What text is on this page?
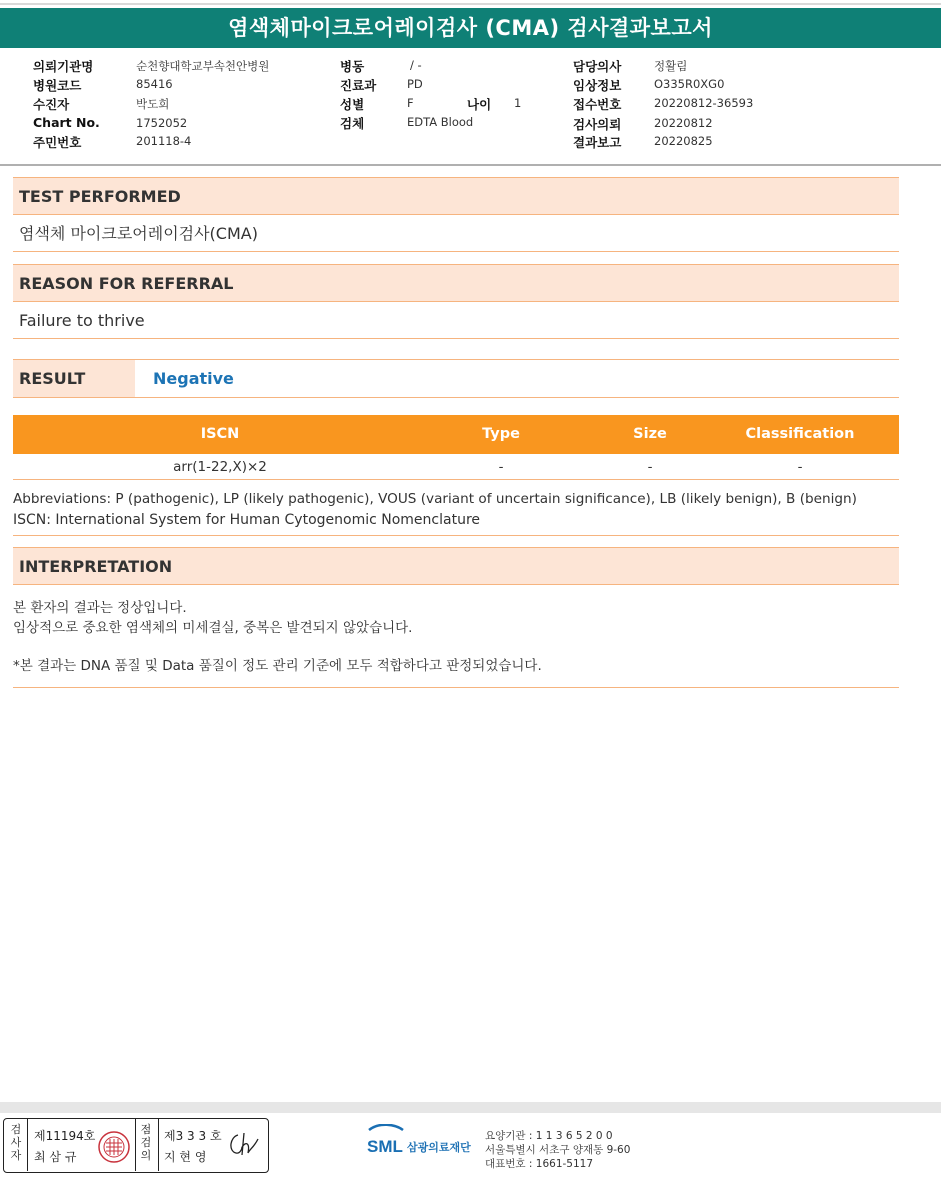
염색체마이크로어레이검사 (CMA) 검사결과보고서
의뢰기관명	순천향대학교부속천안병원
병원코드	85416
수진자	박도희
Chart No.	1752052
주민번호	201118-4
병동	/ -
진료과	PD
성별	F	나이 1
검체	EDTA Blood
담당의사	정활림
임상정보	O335R0XG0
접수번호	20220812-36593
검사의뢰	20220812
결과보고	20220825
TEST PERFORMED
염색체 마이크로어레이검사(CMA)
REASON FOR REFERRAL
Failure to thrive
RESULT	Negative
ISCN	Type	Size	Classification
arr(1-22,X)×2	-	-	-
Abbreviations: P (pathogenic), LP (likely pathogenic), VOUS (variant of uncertain significance), LB (likely benign), B (benign)
ISCN: International System for Human Cytogenomic Nomenclature
INTERPRETATION
본 환자의 결과는 정상입니다.
임상적으로 중요한 염색체의 미세결실, 중복은 발견되지 않았습니다.
*본 결과는 DNA 품질 및 Data 품질이 정도 관리 기준에 모두 적합하다고 판정되었습니다.
검사자
제11194호
최 삼 규
점검의
제3 3 3 호
지 현 영
SML 삼광의료재단
요양기관 : 1 1 3 6 5 2 0 0
서울특별시 서초구 양재동 9-60
대표번호 : 1661-5117
